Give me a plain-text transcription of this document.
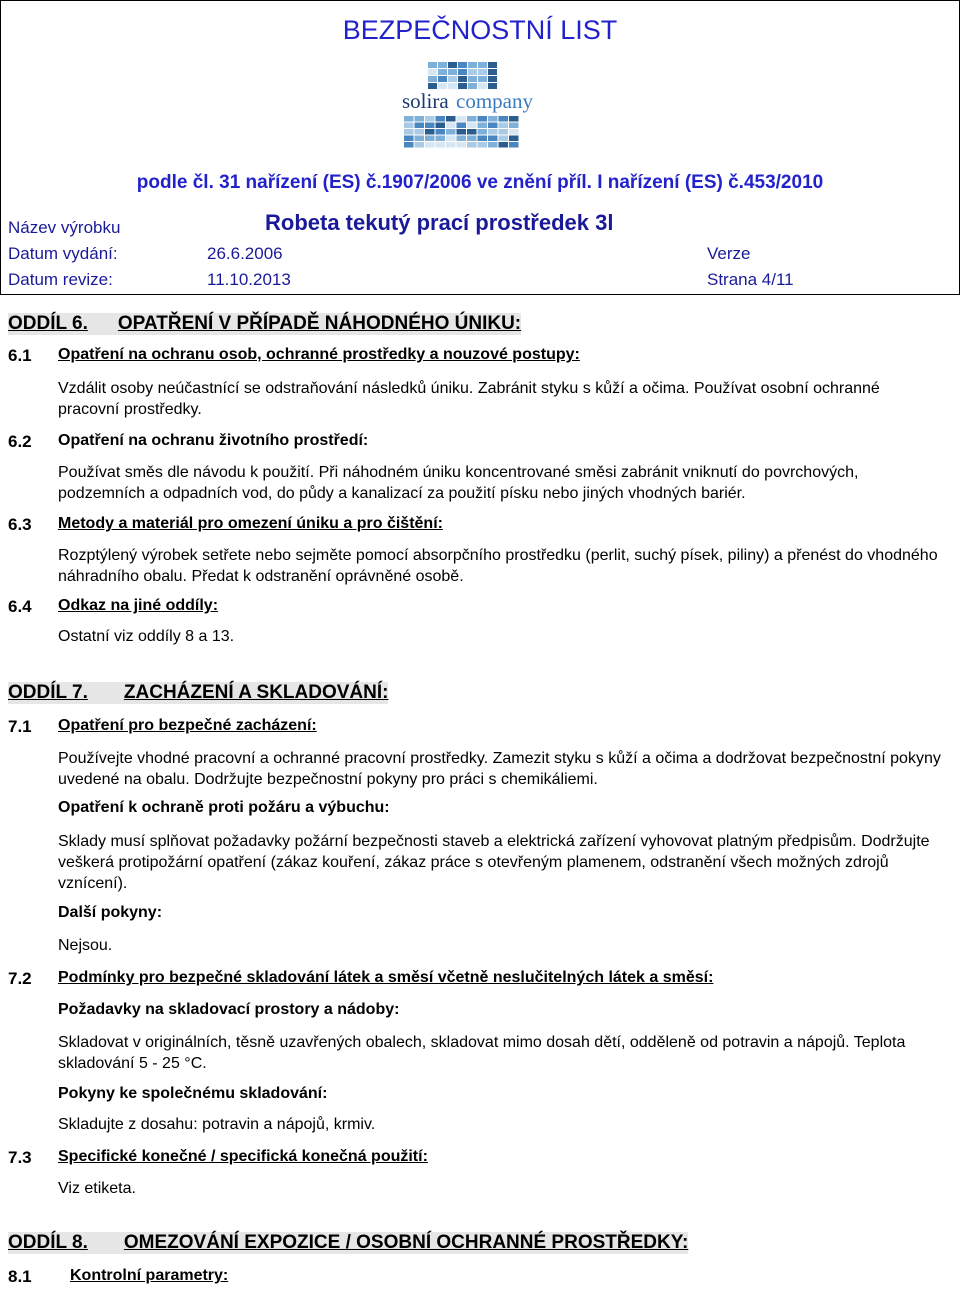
BEZPEČNOSTNÍ LIST
solira company
podle čl. 31 nařízení (ES) č.1907/2006 ve znění příl. I nařízení (ES) č.453/2010
Název výrobku	Robeta tekutý prací prostředek 3l
Datum vydání:	26.6.2006	Verze
Datum revize:	11.10.2013	Strana 4/11
ODDÍL 6. OPATŘENÍ V PŘÍPADĚ NÁHODNÉHO ÚNIKU:
6.1 Opatření na ochranu osob, ochranné prostředky a nouzové postupy:
Vzdálit osoby neúčastnící se odstraňování následků úniku. Zabránit styku s kůží a očima. Používat osobní ochranné pracovní prostředky.
6.2 Opatření na ochranu životního prostředí:
Používat směs dle návodu k použití. Při náhodném úniku koncentrované směsi zabránit vniknutí do povrchových, podzemních a odpadních vod, do půdy a kanalizací za použití písku nebo jiných vhodných bariér.
6.3 Metody a materiál pro omezení úniku a pro čištění:
Rozptýlený výrobek setřete nebo sejměte pomocí absorpčního prostředku (perlit, suchý písek, piliny) a přenést do vhodného náhradního obalu. Předat k odstranění oprávněné osobě.
6.4 Odkaz na jiné oddíly:
Ostatní viz oddíly 8 a 13.
ODDÍL 7. ZACHÁZENÍ A SKLADOVÁNÍ:
7.1 Opatření pro bezpečné zacházení:
Používejte vhodné pracovní a ochranné pracovní prostředky. Zamezit styku s kůží a očima a dodržovat bezpečnostní pokyny uvedené na obalu. Dodržujte bezpečnostní pokyny pro práci s chemikáliemi.
Opatření k ochraně proti požáru a výbuchu:
Sklady musí splňovat požadavky požární bezpečnosti staveb a elektrická zařízení vyhovovat platným předpisům. Dodržujte veškerá protipožární opatření (zákaz kouření, zákaz práce s otevřeným plamenem, odstranění všech možných zdrojů vznícení).
Další pokyny:
Nejsou.
7.2 Podmínky pro bezpečné skladování látek a směsí včetně neslučitelných látek a směsí:
Požadavky na skladovací prostory a nádoby:
Skladovat v originálních, těsně uzavřených obalech, skladovat mimo dosah dětí, odděleně od potravin a nápojů. Teplota skladování 5 - 25 °C.
Pokyny ke společnému skladování:
Skladujte z dosahu: potravin a nápojů, krmiv.
7.3 Specifické konečné / specifická konečná použití:
Viz etiketa.
ODDÍL 8. OMEZOVÁNÍ EXPOZICE / OSOBNÍ OCHRANNÉ PROSTŘEDKY:
8.1 Kontrolní parametry:
